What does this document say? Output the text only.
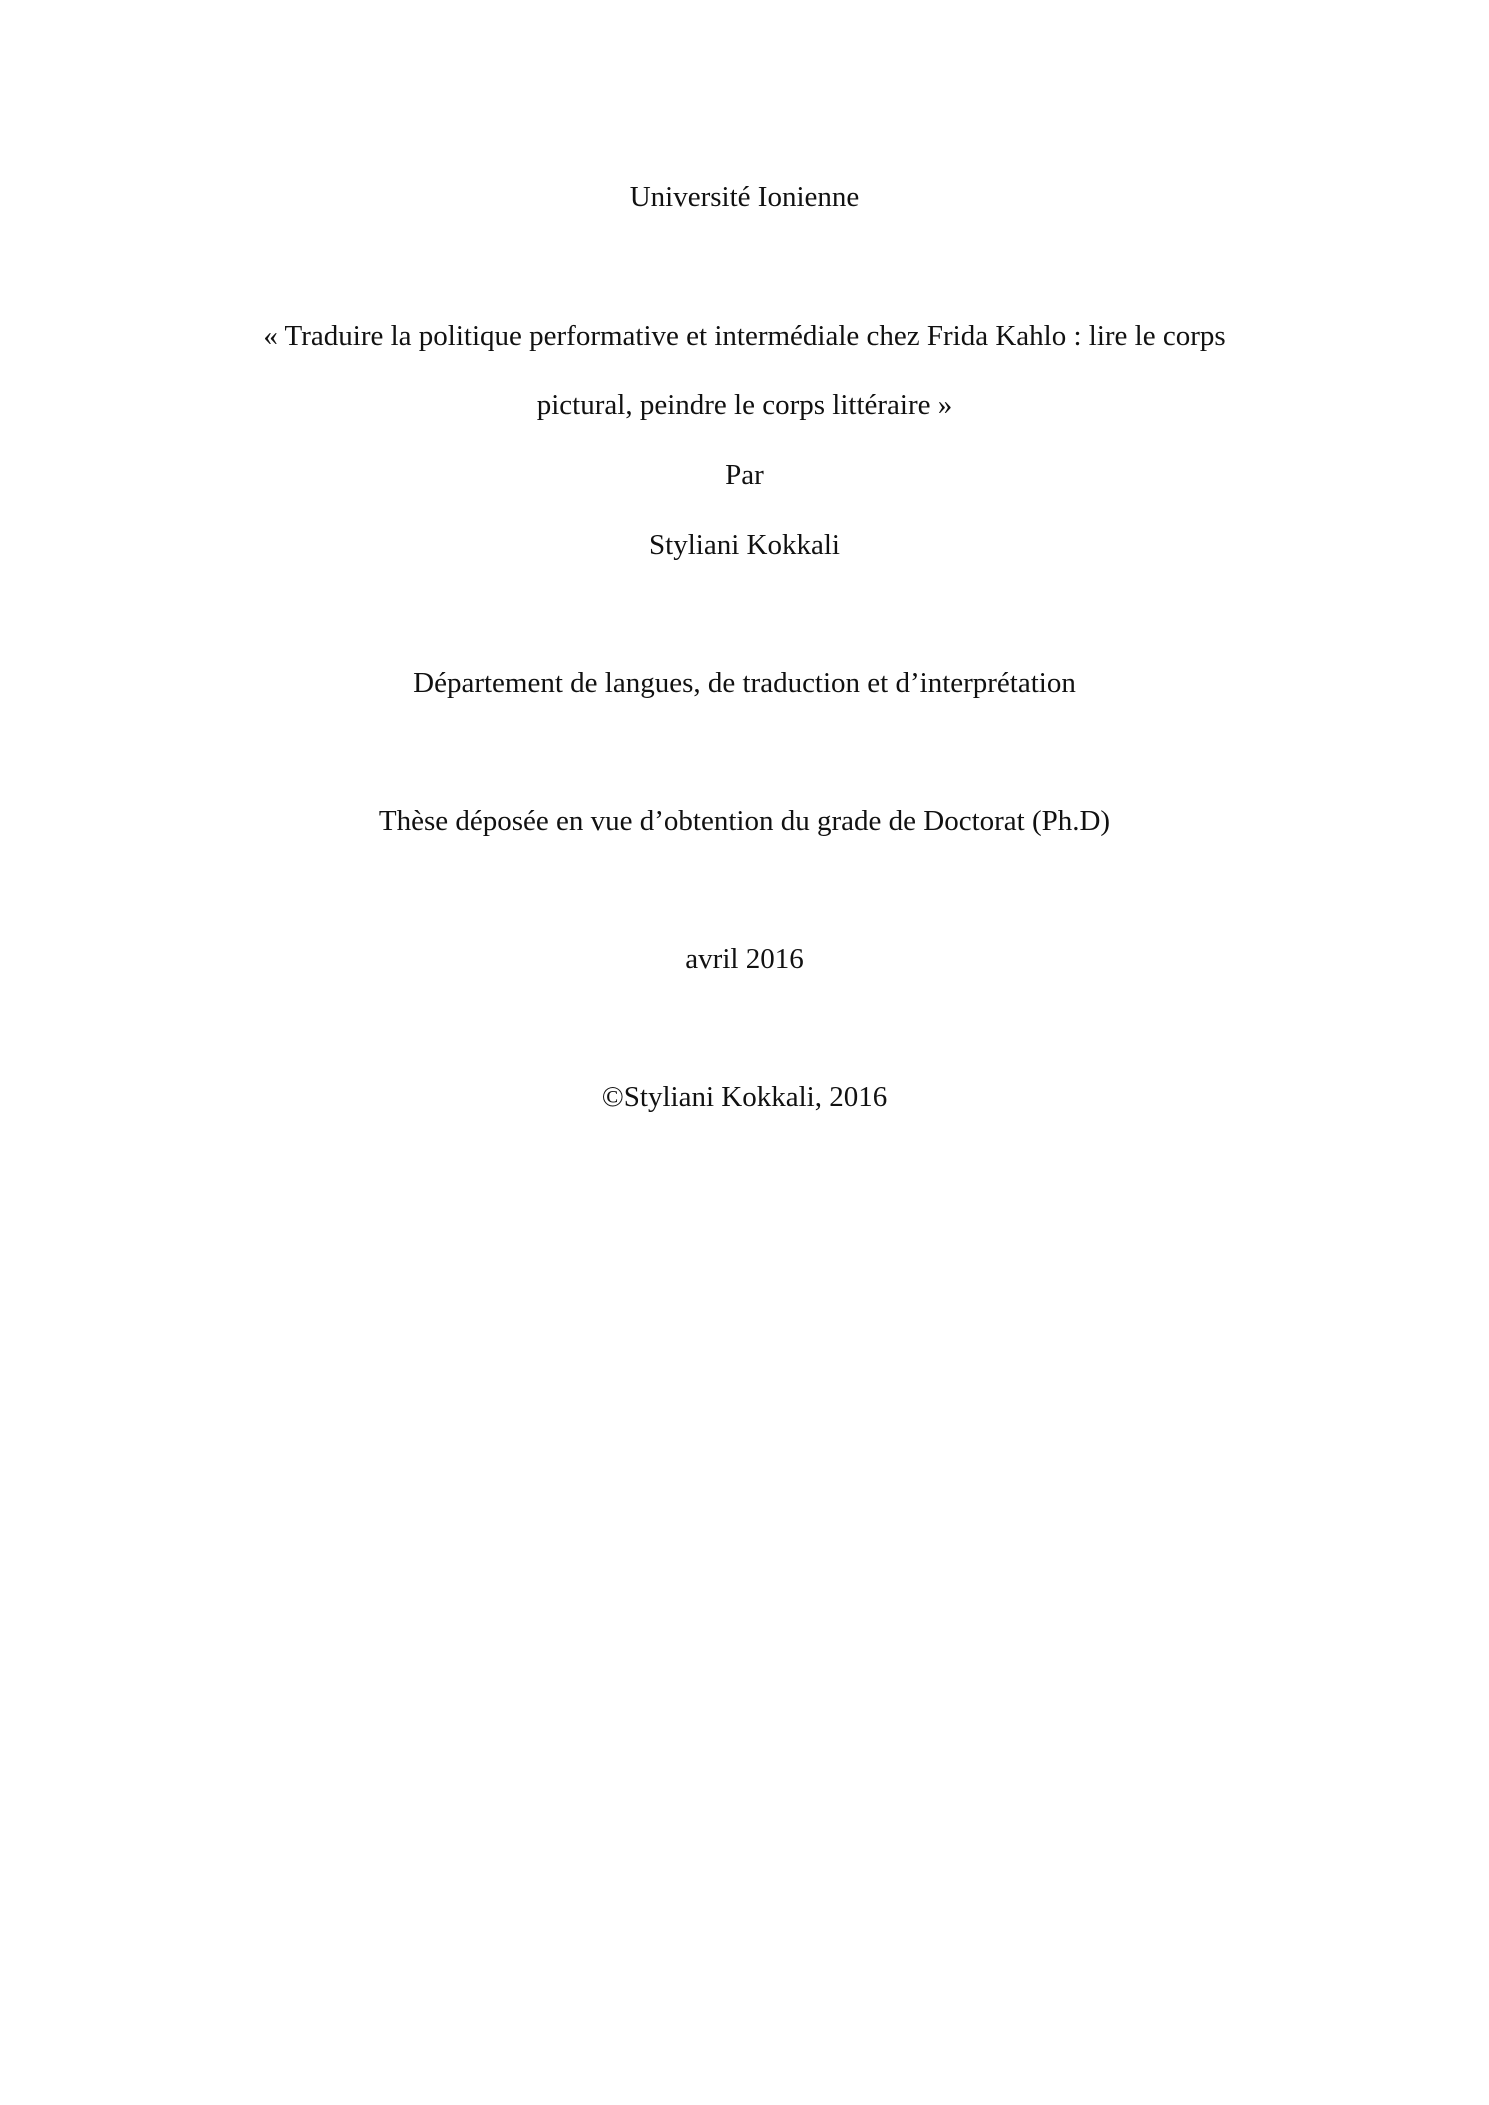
Université Ionienne
« Traduire la politique performative et intermédiale chez Frida Kahlo : lire le corps
pictural, peindre le corps littéraire »
Par
Styliani Kokkali
Département de langues, de traduction et d’interprétation
Thèse déposée en vue d’obtention du grade de Doctorat (Ph.D)
avril 2016
©Styliani Kokkali, 2016
